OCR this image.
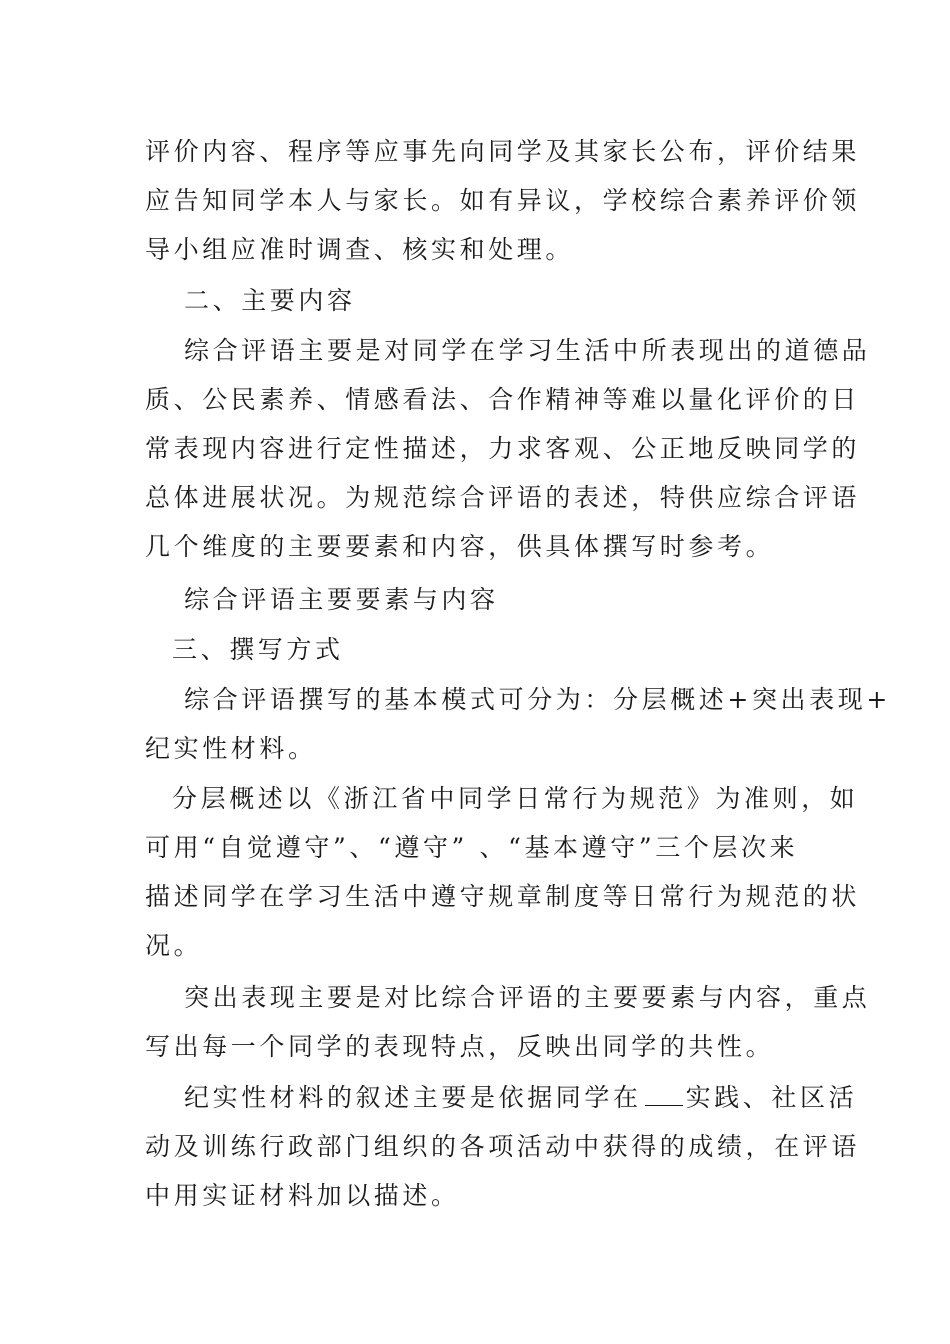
评价内容、程序等应事先向同学及其家长公布，评价结果
应告知同学本人与家长。如有异议，学校综合素养评价领
导小组应准时调查、核实和处理。
二、主要内容
综合评语主要是对同学在学习生活中所表现出的道德品
质、公民素养、情感看法、合作精神等难以量化评价的日
常表现内容进行定性描述，力求客观、公正地反映同学的
总体进展状况。为规范综合评语的表述，特供应综合评语
几个维度的主要要素和内容，供具体撰写时参考。
综合评语主要要素与内容
三、撰写方式
综合评语撰写的基本模式可分为：分层概述+突出表现+
纪实性材料。
分层概述以《浙江省中同学日常行为规范》为准则，如
可用“自觉遵守”、“遵守” 、“基本遵守”三个层次来
描述同学在学习生活中遵守规章制度等日常行为规范的状
况。
突出表现主要是对比综合评语的主要要素与内容，重点
写出每一个同学的表现特点，反映出同学的共性。
纪实性材料的叙述主要是依据同学在 实践、社区活
动及训练行政部门组织的各项活动中获得的成绩，在评语
中用实证材料加以描述。
